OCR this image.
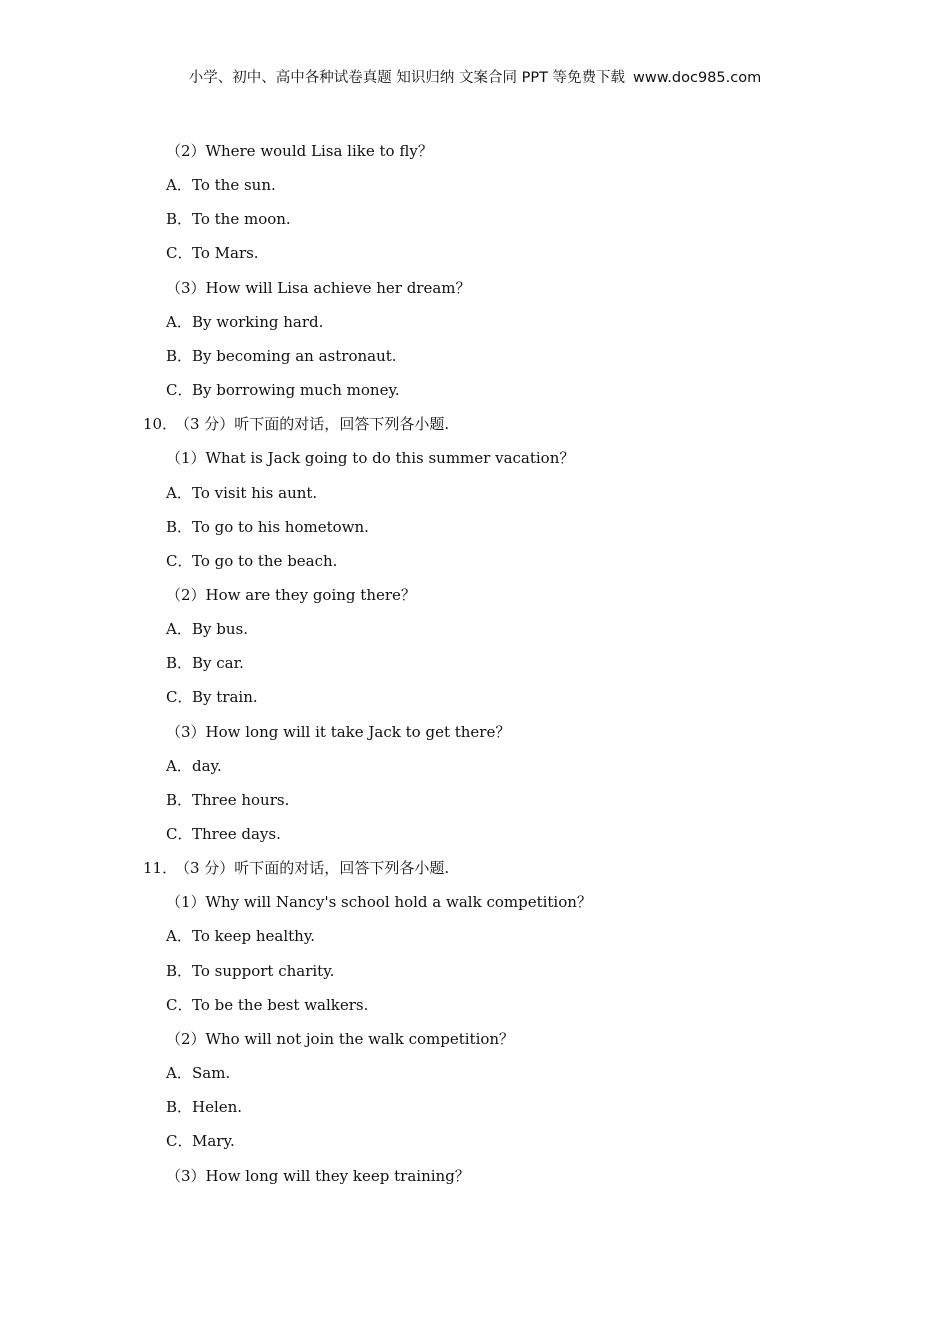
小学、初中、高中各种试卷真题 知识归纳 文案合同 PPT 等免费下载 www.doc985.com
（2）Where would Lisa like to fly？
A．To the sun.
B．To the moon.
C．To Mars.
（3）How will Lisa achieve her dream？
A．By working hard.
B．By becoming an astronaut.
C．By borrowing much money.
10．（3 分）听下面的对话，回答下列各小题.
（1）What is Jack going to do this summer vacation？
A．To visit his aunt.
B．To go to his hometown.
C．To go to the beach.
（2）How are they going there？
A．By bus.
B．By car.
C．By train.
（3）How long will it take Jack to get there？
A．day.
B．Three hours.
C．Three days.
11．（3 分）听下面的对话，回答下列各小题.
（1）Why will Nancy's school hold a walk competition？
A．To keep healthy.
B．To support charity.
C．To be the best walkers.
（2）Who will not join the walk competition？
A．Sam.
B．Helen.
C．Mary.
（3）How long will they keep training？
